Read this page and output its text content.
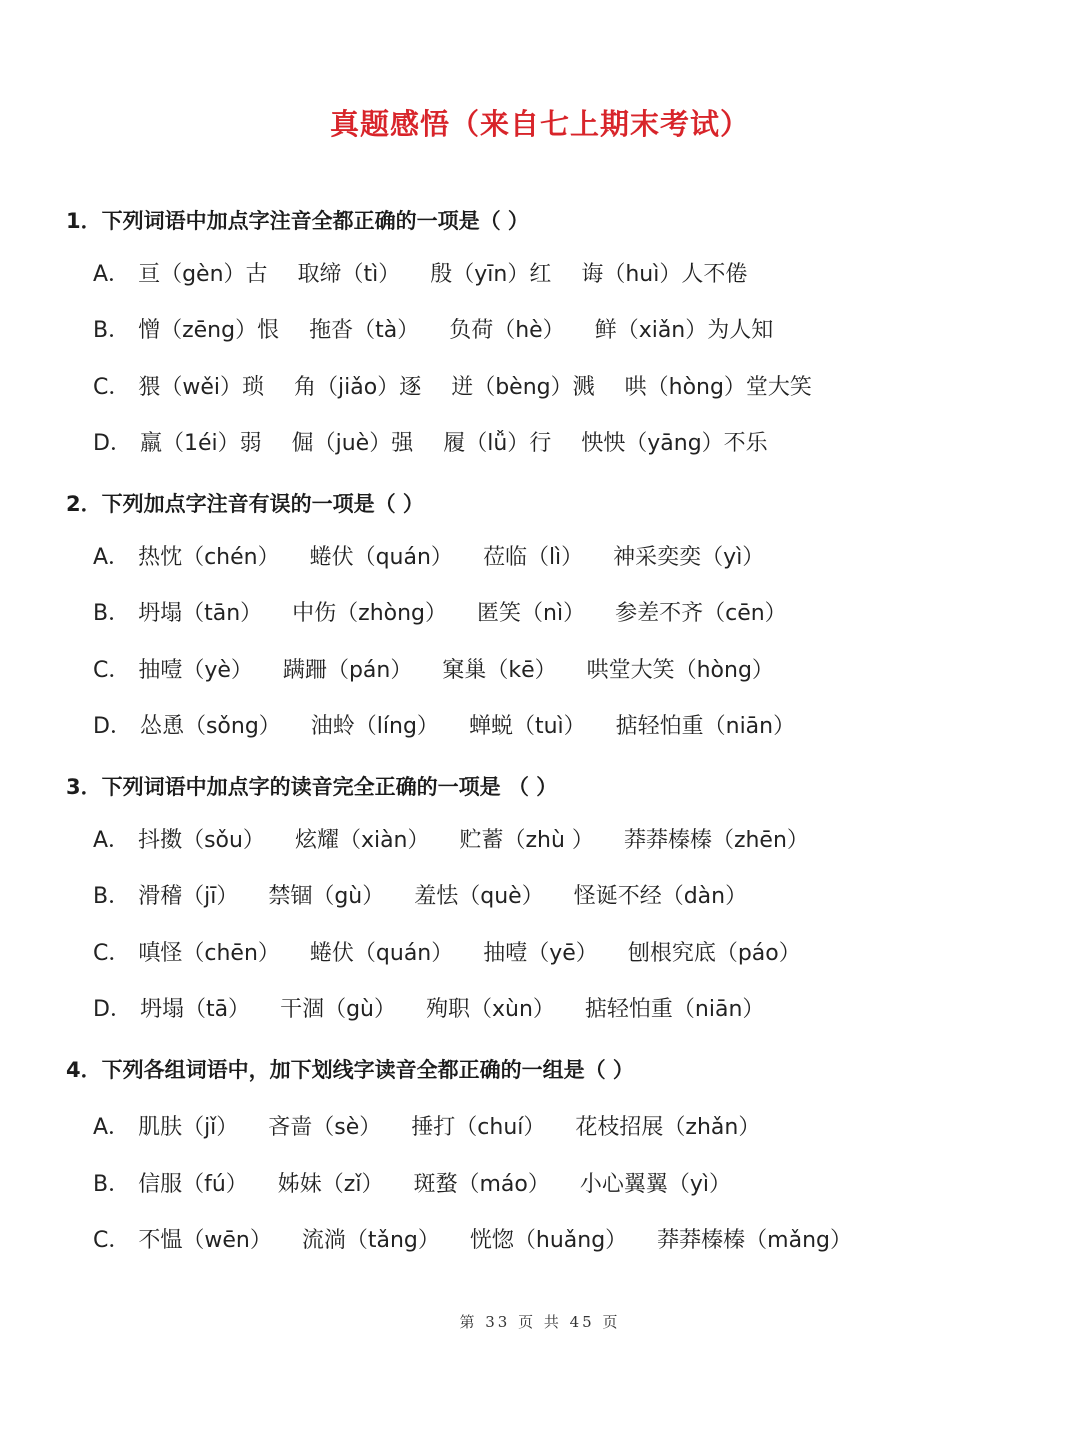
真题感悟（来自七上期末考试）
1．下列词语中加点字注音全都正确的一项是（ ）
A． 亘（gèn）古 取缔（tì） 殷（yīn）红 诲（huì）人不倦
B． 憎（zēng）恨 拖沓（tà） 负荷（hè） 鲜（xiǎn）为人知
C． 猥（wěi）琐 角（jiǎo）逐 迸（bèng）溅 哄（hòng）堂大笑
D． 羸（1éi）弱 倔（juè）强 履（lǚ）行 怏怏（yāng）不乐
2．下列加点字注音有误的一项是（ ）
A． 热忱（chén） 蜷伏（quán） 莅临（lì） 神采奕奕（yì）
B． 坍塌（tān） 中伤（zhòng） 匿笑（nì） 参差不齐（cēn）
C． 抽噎（yè） 蹒跚（pán） 窠巢（kē） 哄堂大笑（hòng）
D． 怂恿（sǒng） 油蛉（líng） 蝉蜕（tuì） 掂轻怕重（niān）
3．下列词语中加点字的读音完全正确的一项是 （ ）
A． 抖擞（sǒu） 炫耀（xiàn） 贮蓄（zhù ） 莽莽榛榛（zhēn）
B． 滑稽（jī） 禁锢（gù） 羞怯（què） 怪诞不经（dàn）
C． 嗔怪（chēn） 蜷伏（quán） 抽噎（yē） 刨根究底（páo）
D． 坍塌（tā） 干涸（gù） 殉职（xùn） 掂轻怕重（niān）
4．下列各组词语中，加下划线字读音全都正确的一组是（ ）
A． 肌肤（jǐ） 吝啬（sè） 捶打（chuí） 花枝招展（zhǎn）
B． 信服（fú） 姊妹（zǐ） 斑蝥（máo） 小心翼翼（yì）
C． 不愠（wēn） 流淌（tǎng） 恍惚（huǎng） 莽莽榛榛（mǎng）
第 33 页 共 45 页
